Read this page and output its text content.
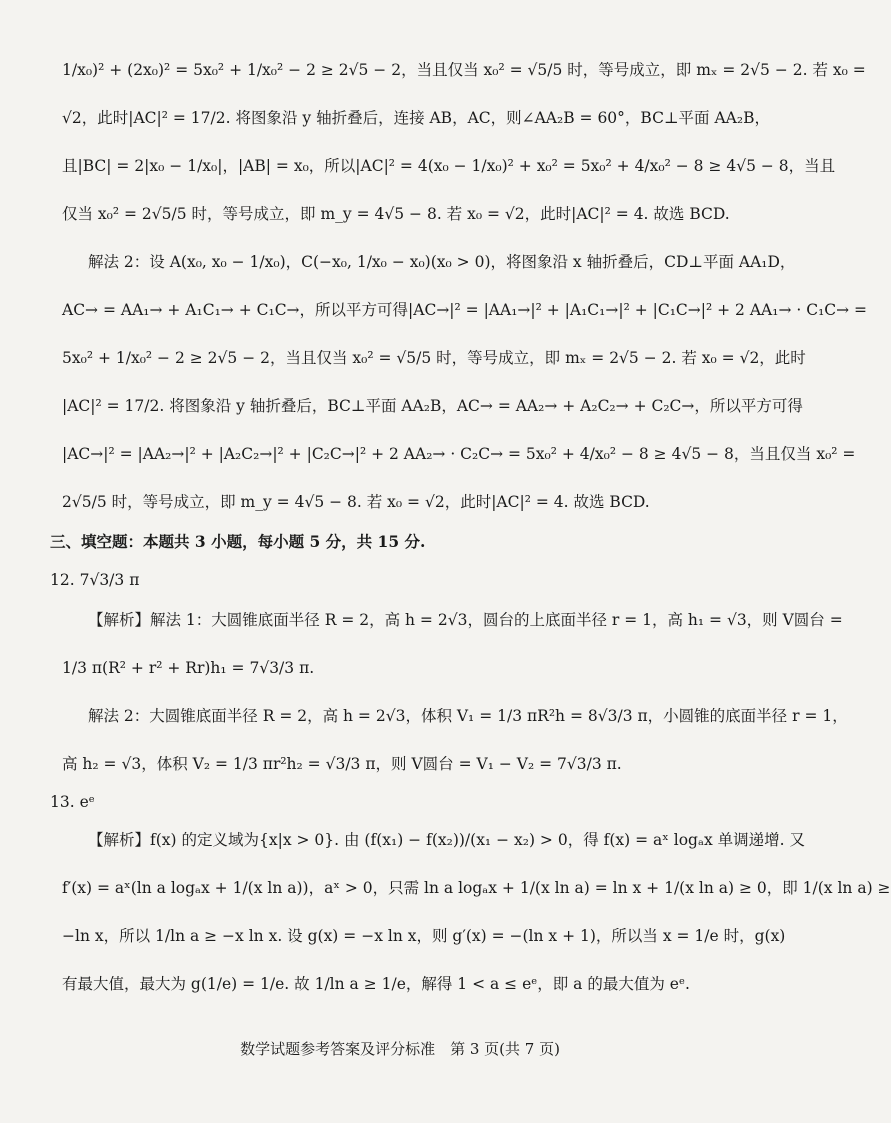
1/x₀)² + (2x₀)² = 5x₀² + 1/x₀² − 2 ≥ 2√5 − 2，当且仅当 x₀² = √5/5 时，等号成立，即 mₓ = 2√5 − 2. 若 x₀ =
√2，此时|AC|² = 17/2. 将图象沿 y 轴折叠后，连接 AB，AC，则∠AA₂B = 60°，BC⊥平面 AA₂B，
且|BC| = 2|x₀ − 1/x₀|，|AB| = x₀，所以|AC|² = 4(x₀ − 1/x₀)² + x₀² = 5x₀² + 4/x₀² − 8 ≥ 4√5 − 8，当且
仅当 x₀² = 2√5/5 时，等号成立，即 m_y = 4√5 − 8. 若 x₀ = √2，此时|AC|² = 4. 故选 BCD.
解法 2：设 A(x₀, x₀ − 1/x₀)，C(−x₀, 1/x₀ − x₀)(x₀ > 0)，将图象沿 x 轴折叠后，CD⊥平面 AA₁D，
AC→ = AA₁→ + A₁C₁→ + C₁C→，所以平方可得|AC→|² = |AA₁→|² + |A₁C₁→|² + |C₁C→|² + 2 AA₁→ · C₁C→ =
5x₀² + 1/x₀² − 2 ≥ 2√5 − 2，当且仅当 x₀² = √5/5 时，等号成立，即 mₓ = 2√5 − 2. 若 x₀ = √2，此时
|AC|² = 17/2. 将图象沿 y 轴折叠后，BC⊥平面 AA₂B，AC→ = AA₂→ + A₂C₂→ + C₂C→，所以平方可得
|AC→|² = |AA₂→|² + |A₂C₂→|² + |C₂C→|² + 2 AA₂→ · C₂C→ = 5x₀² + 4/x₀² − 8 ≥ 4√5 − 8，当且仅当 x₀² =
2√5/5 时，等号成立，即 m_y = 4√5 − 8. 若 x₀ = √2，此时|AC|² = 4. 故选 BCD.
三、填空题：本题共 3 小题，每小题 5 分，共 15 分.
12. 7√3/3 π
【解析】解法 1：大圆锥底面半径 R = 2，高 h = 2√3，圆台的上底面半径 r = 1，高 h₁ = √3，则 V圆台 =
1/3 π(R² + r² + Rr)h₁ = 7√3/3 π.
解法 2：大圆锥底面半径 R = 2，高 h = 2√3，体积 V₁ = 1/3 πR²h = 8√3/3 π，小圆锥的底面半径 r = 1，
高 h₂ = √3，体积 V₂ = 1/3 πr²h₂ = √3/3 π，则 V圆台 = V₁ − V₂ = 7√3/3 π.
13. eᵉ
【解析】f(x) 的定义域为{x|x > 0}. 由 (f(x₁) − f(x₂))/(x₁ − x₂) > 0，得 f(x) = aˣ logₐx 单调递增. 又
f′(x) = aˣ(ln a logₐx + 1/(x ln a))，aˣ > 0，只需 ln a logₐx + 1/(x ln a) = ln x + 1/(x ln a) ≥ 0，即 1/(x ln a) ≥
−ln x，所以 1/ln a ≥ −x ln x. 设 g(x) = −x ln x，则 g′(x) = −(ln x + 1)，所以当 x = 1/e 时，g(x)
有最大值，最大为 g(1/e) = 1/e. 故 1/ln a ≥ 1/e，解得 1 < a ≤ eᵉ，即 a 的最大值为 eᵉ.
数学试题参考答案及评分标准　第 3 页(共 7 页)
